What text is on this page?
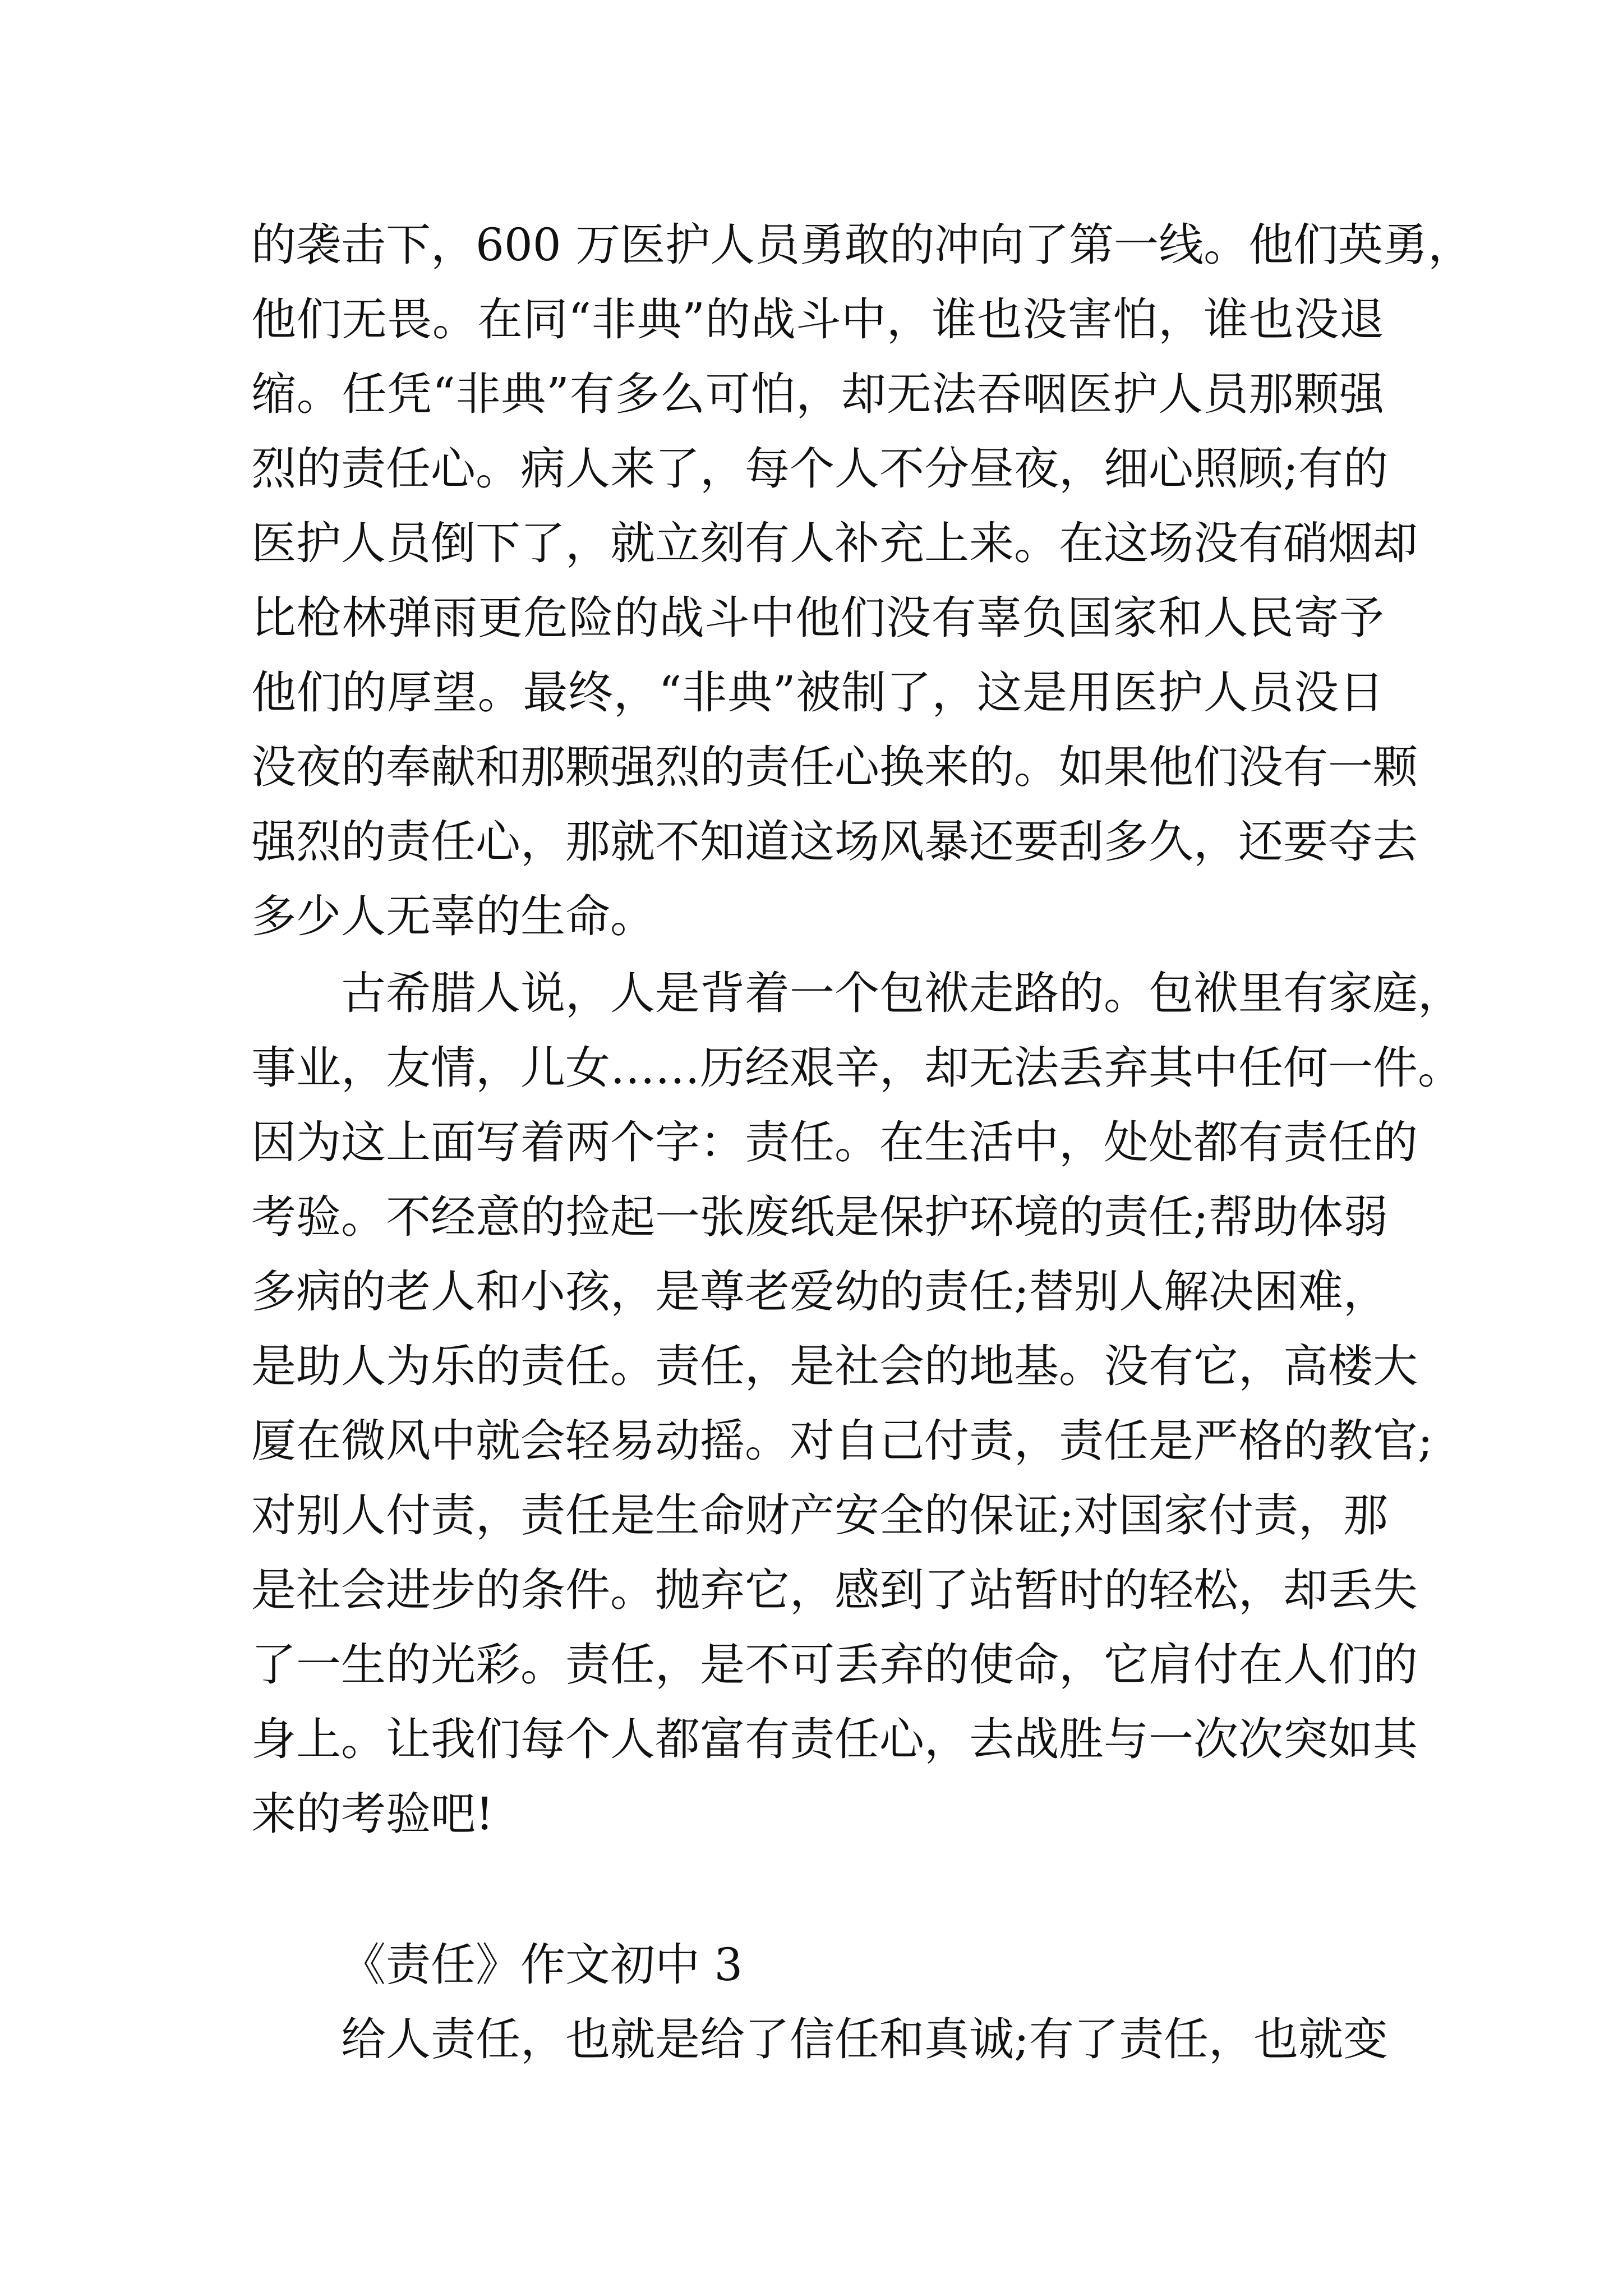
的袭击下，600 万医护人员勇敢的冲向了第一线。他们英勇，
他们无畏。在同“非典”的战斗中，谁也没害怕，谁也没退
缩。任凭“非典”有多么可怕，却无法吞咽医护人员那颗强
烈的责任心。病人来了，每个人不分昼夜，细心照顾;有的
医护人员倒下了，就立刻有人补充上来。在这场没有硝烟却
比枪林弹雨更危险的战斗中他们没有辜负国家和人民寄予
他们的厚望。最终，“非典”被制了，这是用医护人员没日
没夜的奉献和那颗强烈的责任心换来的。如果他们没有一颗
强烈的责任心，那就不知道这场风暴还要刮多久，还要夺去
多少人无辜的生命。
古希腊人说，人是背着一个包袱走路的。包袱里有家庭，
事业，友情，儿女……历经艰辛，却无法丢弃其中任何一件。
因为这上面写着两个字：责任。在生活中，处处都有责任的
考验。不经意的捡起一张废纸是保护环境的责任;帮助体弱
多病的老人和小孩，是尊老爱幼的责任;替别人解决困难，
是助人为乐的责任。责任，是社会的地基。没有它，高楼大
厦在微风中就会轻易动摇。对自己付责，责任是严格的教官;
对别人付责，责任是生命财产安全的保证;对国家付责，那
是社会进步的条件。抛弃它，感到了站暂时的轻松，却丢失
了一生的光彩。责任，是不可丢弃的使命，它肩付在人们的
身上。让我们每个人都富有责任心，去战胜与一次次突如其
来的考验吧!
《责任》作文初中 3
给人责任，也就是给了信任和真诚;有了责任，也就变
